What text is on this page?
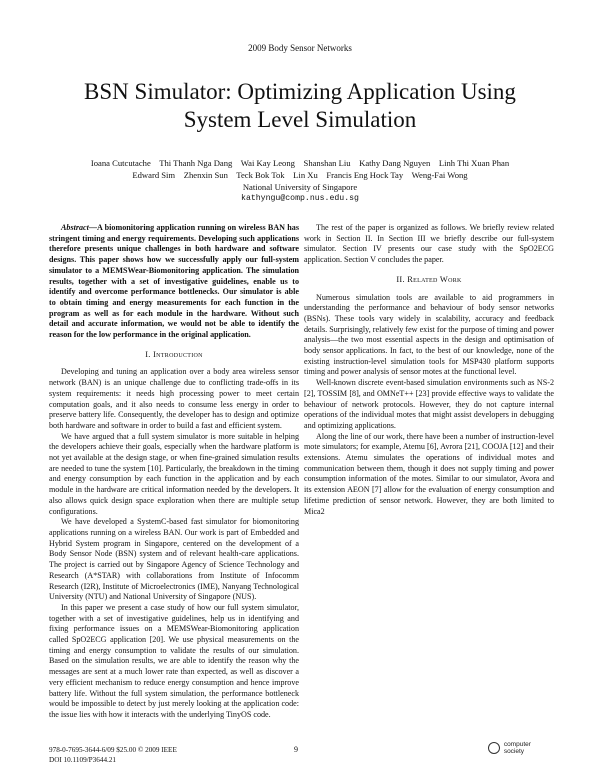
2009 Body Sensor Networks
BSN Simulator: Optimizing Application Using
System Level Simulation
Ioana Cutcutache    Thi Thanh Nga Dang    Wai Kay Leong    Shanshan Liu    Kathy Dang Nguyen    Linh Thi Xuan Phan
Edward Sim    Zhenxin Sun    Teck Bok Tok    Lin Xu    Francis Eng Hock Tay    Weng-Fai Wong
National University of Singapore
kathyngu@comp.nus.edu.sg

Abstract—A biomonitoring application running on wireless BAN has stringent timing and energy requirements. Developing such applications therefore presents unique challenges in both hardware and software designs. This paper shows how we successfully apply our full-system simulator to a MEMSWear-Biomonitoring application. The simulation results, together with a set of investigative guidelines, enable us to identify and overcome performance bottlenecks. Our simulator is able to obtain timing and energy measurements for each function in the program as well as for each module in the hardware. Without such detail and accurate information, we would not be able to identify the reason for the low performance in the original application.

I. Introduction

Developing and tuning an application over a body area wireless sensor network (BAN) is an unique challenge due to conflicting trade-offs in its system requirements: it needs high processing power to meet certain computation goals, and it also needs to consume less energy in order to preserve battery life. Consequently, the developer has to design and optimize both hardware and software in order to build a fast and efficient system.

We have argued that a full system simulator is more suitable in helping the developers achieve their goals, especially when the hardware platform is not yet available at the design stage, or when fine-grained simulation results are needed to tune the system [10]. Particularly, the breakdown in the timing and energy consumption by each function in the application and by each module in the hardware are critical information needed by the developers. It also allows quick design space exploration when there are multiple setup configurations.

We have developed a SystemC-based fast simulator for biomonitoring applications running on a wireless BAN. Our work is part of Embedded and Hybrid System program in Singapore, centered on the development of a Body Sensor Node (BSN) system and of relevant health-care applications. The project is carried out by Singapore Agency of Science Technology and Research (A*STAR) with collaborations from Institute of Infocomm Research (I2R), Institute of Microelectronics (IME), Nanyang Technological University (NTU) and National University of Singapore (NUS).

In this paper we present a case study of how our full system simulator, together with a set of investigative guidelines, help us in identifying and fixing performance issues on a MEMSWear-Biomonitoring application called SpO2ECG application [20]. We use physical measurements on the timing and energy consumption to validate the results of our simulation. Based on the simulation results, we are able to identify the reason why the messages are sent at a much lower rate than expected, as well as discover a very efficient mechanism to reduce energy consumption and hence improve battery life. Without the full system simulation, the performance bottleneck would be impossible to detect by just merely looking at the application code: the issue lies with how it interacts with the underlying TinyOS code.

The rest of the paper is organized as follows. We briefly review related work in Section II. In Section III we briefly describe our full-system simulator. Section IV presents our case study with the SpO2ECG application. Section V concludes the paper.

II. Related Work

Numerous simulation tools are available to aid programmers in understanding the performance and behaviour of body sensor networks (BSNs). These tools vary widely in scalability, accuracy and feedback details. Surprisingly, relatively few exist for the purpose of timing and power analysis—the two most essential aspects in the design and optimisation of body sensor applications. In fact, to the best of our knowledge, none of the existing instruction-level simulation tools for MSP430 platform supports timing and power analysis of sensor motes at the functional level.

Well-known discrete event-based simulation environments such as NS-2 [2], TOSSIM [8], and OMNeT++ [23] provide effective ways to validate the behaviour of network protocols. However, they do not capture internal operations of the individual motes that might assist developers in debugging and optimizing applications.

Along the line of our work, there have been a number of instruction-level mote simulators; for example, Atemu [6], Avrora [21], COOJA [12] and their extensions. Atemu simulates the operations of individual motes and communication between them, though it does not supply timing and power consumption information of the motes. Similar to our simulator, Avora and its extension AEON [7] allow for the evaluation of energy consumption and lifetime prediction of sensor network. However, they are both limited to Mica2

978-0-7695-3644-6/09 $25.00 © 2009 IEEE
DOI 10.1109/P3644.21
9
computer
society
